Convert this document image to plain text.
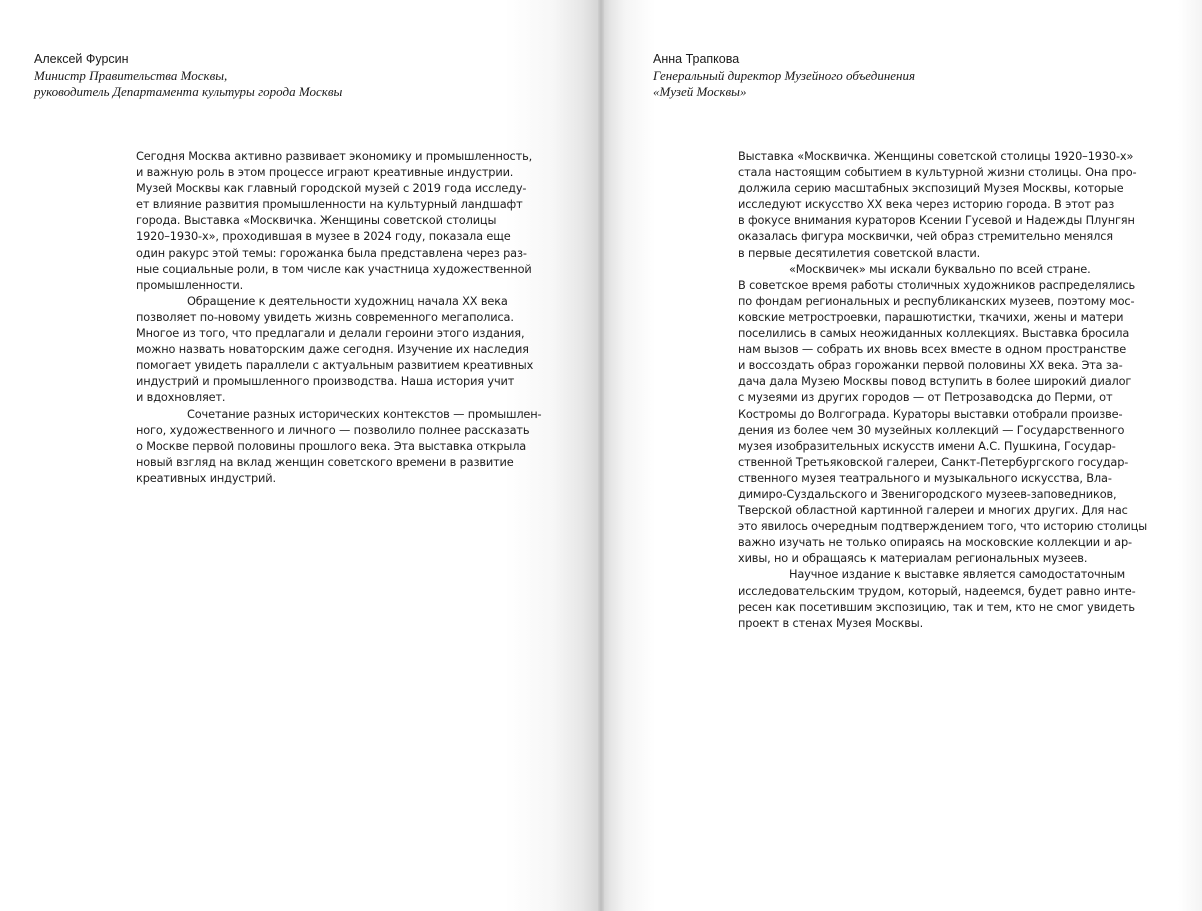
Алексей Фурсин

Министр Правительства Москвы,

руководитель Департамента культуры города Москвы

Сегодня Москва активно развивает экономику и промышленность,
и важную роль в этом процессе играют креативные индустрии.
Музей Москвы как главный городской музей с 2019 года исследу-
ет влияние развития промышленности на культурный ландшафт
города. Выставка «Москвичка. Женщины советской столицы
1920–1930-х», проходившая в музее в 2024 году, показала еще
один ракурс этой темы: горожанка была представлена через раз-
ные социальные роли, в том числе как участница художественной
промышленности.
Обращение к деятельности художниц начала XX века
позволяет по-новому увидеть жизнь современного мегаполиса.
Многое из того, что предлагали и делали героини этого издания,
можно назвать новаторским даже сегодня. Изучение их наследия
помогает увидеть параллели с актуальным развитием креативных
индустрий и промышленного производства. Наша история учит
и вдохновляет.
Сочетание разных исторических контекстов — промышлен-
ного, художественного и личного — позволило полнее рассказать
о Москве первой половины прошлого века. Эта выставка открыла
новый взгляд на вклад женщин советского времени в развитие
креативных индустрий.

Анна Трапкова

Генеральный директор Музейного объединения

«Музей Москвы»

Выставка «Москвичка. Женщины советской столицы 1920–1930-х»
стала настоящим событием в культурной жизни столицы. Она про-
должила серию масштабных экспозиций Музея Москвы, которые
исследуют искусство XX века через историю города. В этот раз
в фокусе внимания кураторов Ксении Гусевой и Надежды Плунгян
оказалась фигура москвички, чей образ стремительно менялся
в первые десятилетия советской власти.
«Москвичек» мы искали буквально по всей стране.
В советское время работы столичных художников распределялись
по фондам региональных и республиканских музеев, поэтому мос-
ковские метростроевки, парашютистки, ткачихи, жены и матери
поселились в самых неожиданных коллекциях. Выставка бросила
нам вызов — собрать их вновь всех вместе в одном пространстве
и воссоздать образ горожанки первой половины XX века. Эта за-
дача дала Музею Москвы повод вступить в более широкий диалог
с музеями из других городов — от Петрозаводска до Перми, от
Костромы до Волгограда. Кураторы выставки отобрали произве-
дения из более чем 30 музейных коллекций — Государственного
музея изобразительных искусств имени А.С. Пушкина, Государ-
ственной Третьяковской галереи, Санкт-Петербургского государ-
ственного музея театрального и музыкального искусства, Вла-
димиро-Суздальского и Звенигородского музеев-заповедников,
Тверской областной картинной галереи и многих других. Для нас
это явилось очередным подтверждением того, что историю столицы
важно изучать не только опираясь на московские коллекции и ар-
хивы, но и обращаясь к материалам региональных музеев.
Научное издание к выставке является самодостаточным
исследовательским трудом, который, надеемся, будет равно инте-
ресен как посетившим экспозицию, так и тем, кто не смог увидеть
проект в стенах Музея Москвы.
